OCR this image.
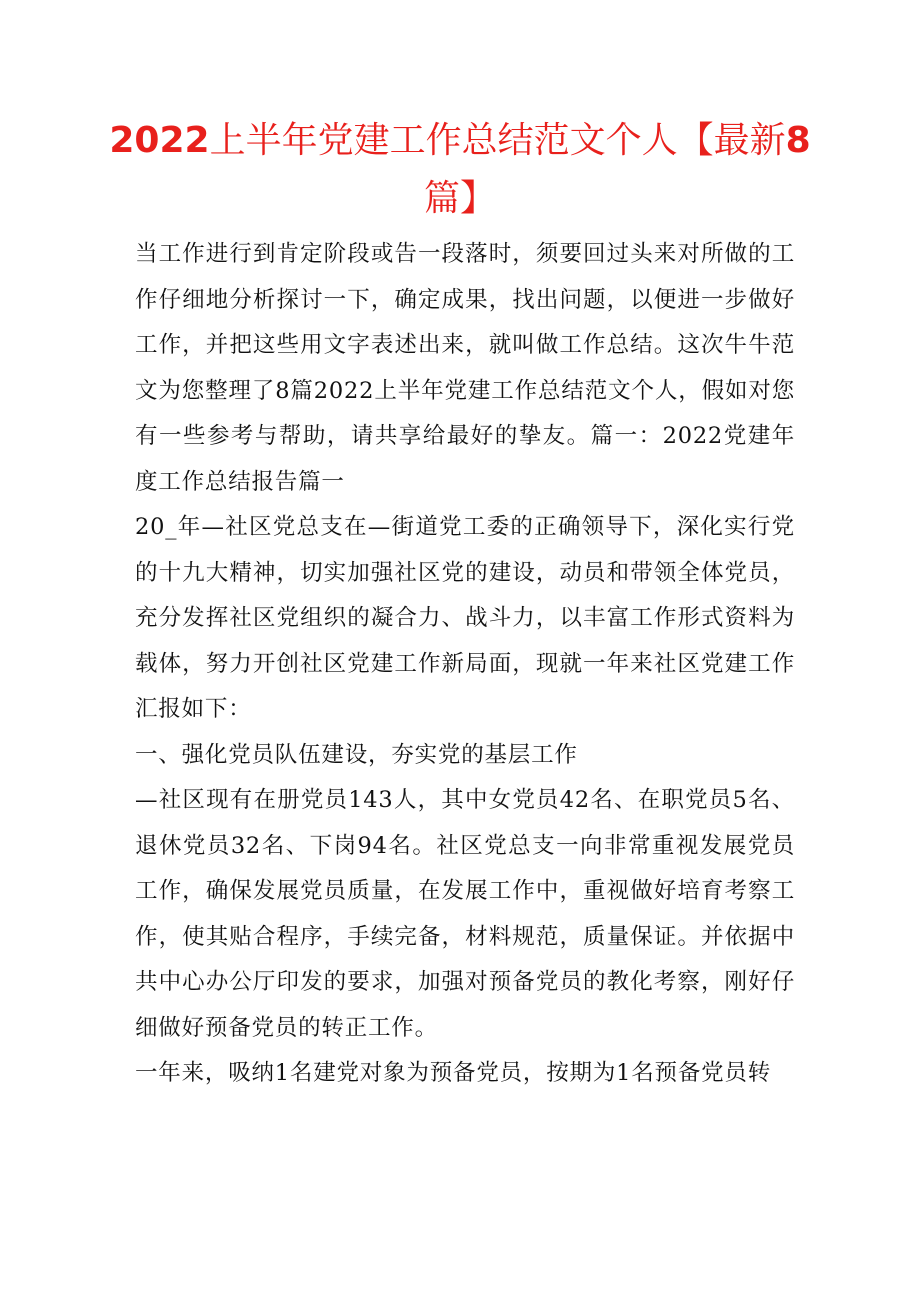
2022上半年党建工作总结范文个人【最新8
篇】

当工作进行到肯定阶段或告一段落时，须要回过头来对所做的工作仔细地分析探讨一下，确定成果，找出问题，以便进一步做好工作，并把这些用文字表述出来，就叫做工作总结。这次牛牛范文为您整理了8篇2022上半年党建工作总结范文个人，假如对您有一些参考与帮助，请共享给最好的挚友。篇一：2022党建年度工作总结报告篇一

20_年—社区党总支在—街道党工委的正确领导下，深化实行党的十九大精神，切实加强社区党的建设，动员和带领全体党员，充分发挥社区党组织的凝合力、战斗力，以丰富工作形式资料为载体，努力开创社区党建工作新局面，现就一年来社区党建工作汇报如下：

一、强化党员队伍建设，夯实党的基层工作

—社区现有在册党员143人，其中女党员42名、在职党员5名、退休党员32名、下岗94名。社区党总支一向非常重视发展党员工作，确保发展党员质量，在发展工作中，重视做好培育考察工作，使其贴合程序，手续完备，材料规范，质量保证。并依据中共中心办公厅印发的要求，加强对预备党员的教化考察，刚好仔细做好预备党员的转正工作。

一年来，吸纳1名建党对象为预备党员，按期为1名预备党员转
